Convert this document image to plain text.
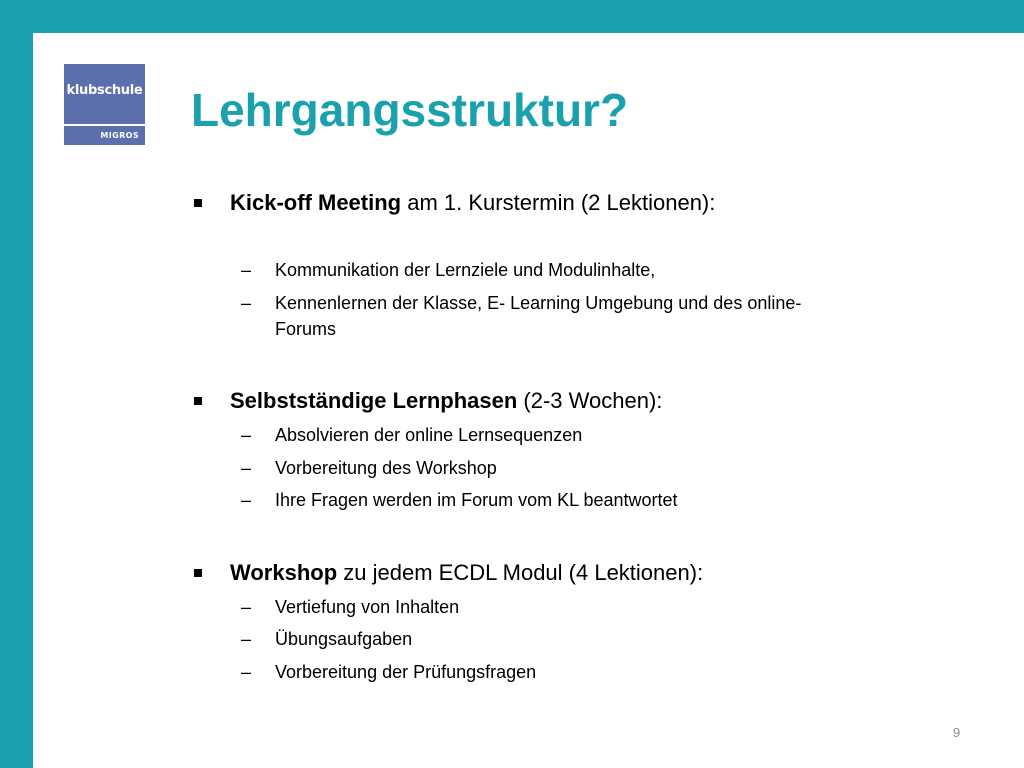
klubschule
MIGROS Lehrgangsstruktur?
Kick-off Meeting am 1. Kurstermin (2 Lektionen):
– Kommunikation der Lernziele und Modulinhalte,
– Kennenlernen der Klasse, E- Learning Umgebung und des online-
Forums
Selbstständige Lernphasen (2-3 Wochen):
– Absolvieren der online Lernsequenzen
– Vorbereitung des Workshop
– Ihre Fragen werden im Forum vom KL beantwortet
Workshop zu jedem ECDL Modul (4 Lektionen):
– Vertiefung von Inhalten
– Übungsaufgaben
– Vorbereitung der Prüfungsfragen
9
